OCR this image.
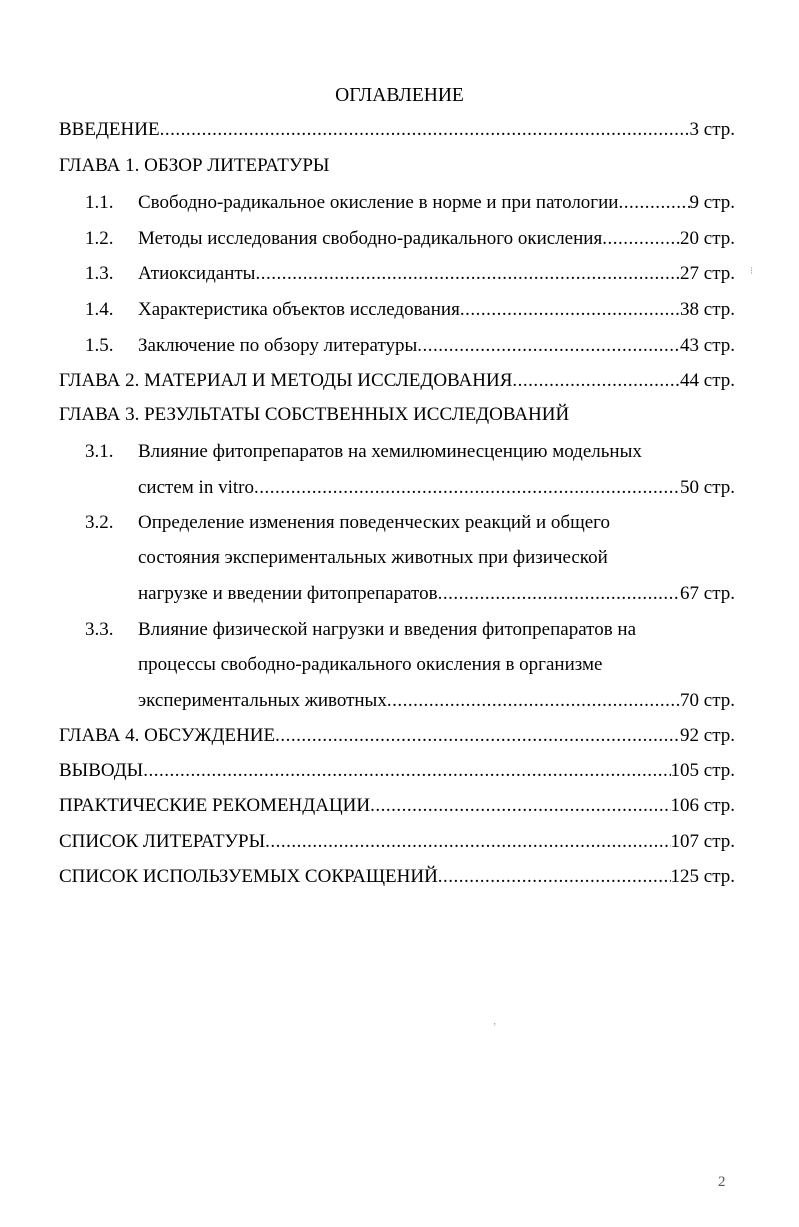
ОГЛАВЛЕНИЕ
ВВЕДЕНИЕ .....	3 стр.
ГЛАВА 1. ОБЗОР ЛИТЕРАТУРЫ
1.1. Свободно-радикальное окисление в норме и при патологии .....	9 стр.
1.2. Методы исследования свободно-радикального окисления .....	20 стр.
1.3. Атиоксиданты .....	27 стр.
1.4. Характеристика объектов исследования .....	38 стр.
1.5. Заключение по обзору литературы .....	43 стр.
ГЛАВА 2. МАТЕРИАЛ И МЕТОДЫ ИССЛЕДОВАНИЯ .....	44 стр.
ГЛАВА 3. РЕЗУЛЬТАТЫ СОБСТВЕННЫХ ИССЛЕДОВАНИЙ
3.1. Влияние фитопрепаратов на хемилюминесценцию модельных
систем in vitro .....	50 стр.
3.2. Определение изменения поведенческих реакций и общего
состояния экспериментальных животных при физической
нагрузке и введении фитопрепаратов .....	67 стр.
3.3. Влияние физической нагрузки и введения фитопрепаратов на
процессы свободно-радикального окисления в организме
экспериментальных животных .....	70 стр.
ГЛАВА 4. ОБСУЖДЕНИЕ .....	92 стр.
ВЫВОДЫ .....	105 стр.
ПРАКТИЧЕСКИЕ РЕКОМЕНДАЦИИ .....	106 стр.
СПИСОК ЛИТЕРАТУРЫ .....	107 стр.
СПИСОК ИСПОЛЬЗУЕМЫХ СОКРАЩЕНИЙ .....	125 стр.
⁝
ʼ
2
